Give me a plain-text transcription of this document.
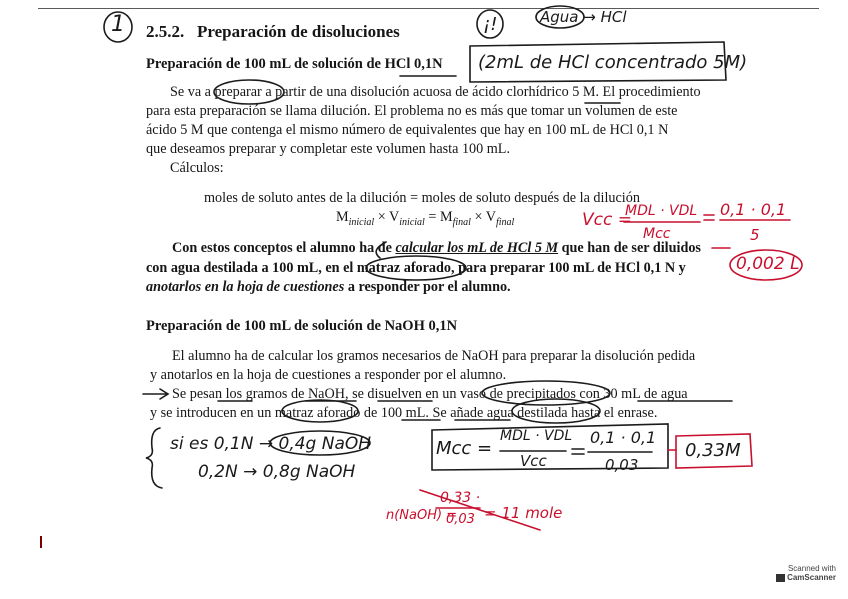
2.5.2. Preparación de disoluciones
Preparación de 100 mL de solución de HCl 0,1N
Se va a preparar a partir de una disolución acuosa de ácido clorhídrico 5 M. El procedimiento
para esta preparación se llama dilución. El problema no es más que tomar un volumen de este
ácido 5 M que contenga el mismo número de equivalentes que hay en 100 mL de HCl 0,1 N
que deseamos preparar y completar este volumen hasta 100 mL.
Cálculos:
moles de soluto antes de la dilución = moles de soluto después de la dilución
$M_{inicial} \times V_{inicial} = M_{final} \times V_{final}$
Con estos conceptos el alumno ha de calcular los mL de HCl 5 M que han de ser diluidos
con agua destilada a 100 mL, en el matraz aforado, para preparar 100 mL de HCl 0,1 N y
anotarlos en la hoja de cuestiones a responder por el alumno.
Preparación de 100 mL de solución de NaOH 0,1N
El alumno ha de calcular los gramos necesarios de NaOH para preparar la disolución pedida
y anotarlos en la hoja de cuestiones a responder por el alumno.
Se pesan los gramos de NaOH, se disuelven en un vaso de precipitados con 30 mL de agua
y se introducen en un matraz aforado de 100 mL. Se añade agua destilada hasta el enrase.
1	¡!	Agua → HCl
(2mL de HCl concentrado 5M)
si es 0,1N → 0,4g NaOH
0,2N → 0,8g NaOH
Mcc =
MDL · VDL
Vcc
0,1 · 0,1
0,03
0,33M
Vcc =
MDL · VDL
Mcc
0,1 · 0,1
5
0,002 L
n(NaOH) =
0,33 ·
0,03 = 11 mole
Scanned with
CamScanner
